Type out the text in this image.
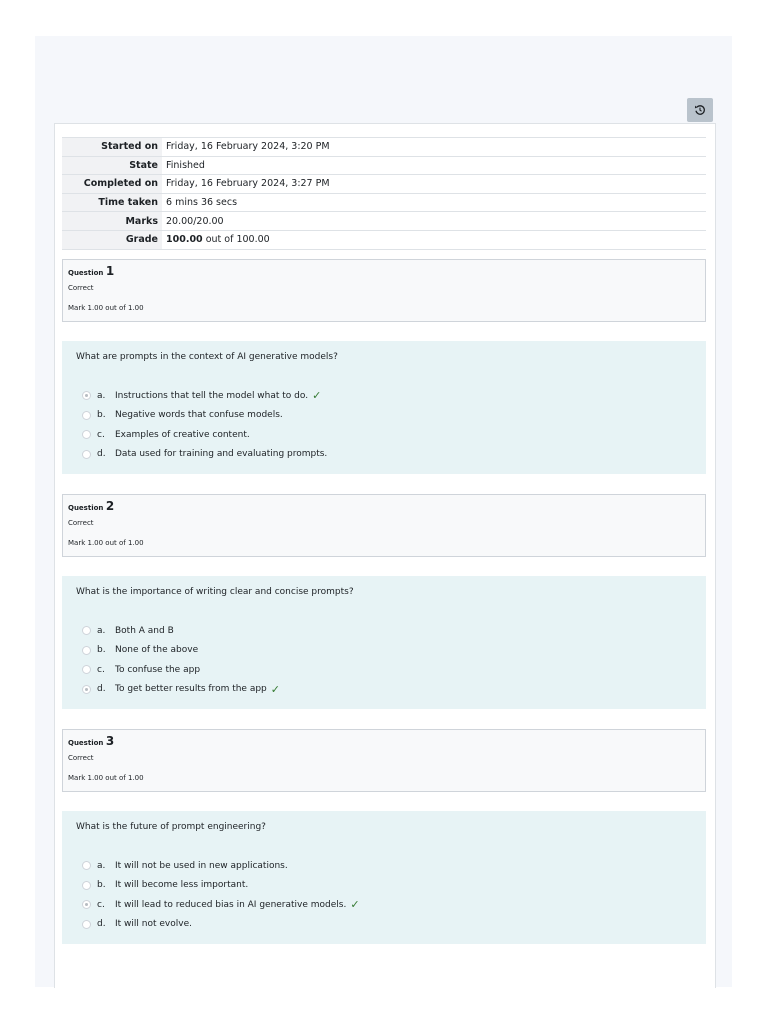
Started on	Friday, 16 February 2024, 3:20 PM
State	Finished
Completed on	Friday, 16 February 2024, 3:27 PM
Time taken	6 mins 36 secs
Marks	20.00/20.00
Grade	100.00 out of 100.00
Question 1
Correct
Mark 1.00 out of 1.00
What are prompts in the context of AI generative models?
a.	Instructions that tell the model what to do. ✓
b.	Negative words that confuse models.
c.	Examples of creative content.
d.	Data used for training and evaluating prompts.
Question 2
Correct
Mark 1.00 out of 1.00
What is the importance of writing clear and concise prompts?
a.	Both A and B
b.	None of the above
c.	To confuse the app
d.	To get better results from the app ✓
Question 3
Correct
Mark 1.00 out of 1.00
What is the future of prompt engineering?
a.	It will not be used in new applications.
b.	It will become less important.
c.	It will lead to reduced bias in AI generative models. ✓
d.	It will not evolve.
